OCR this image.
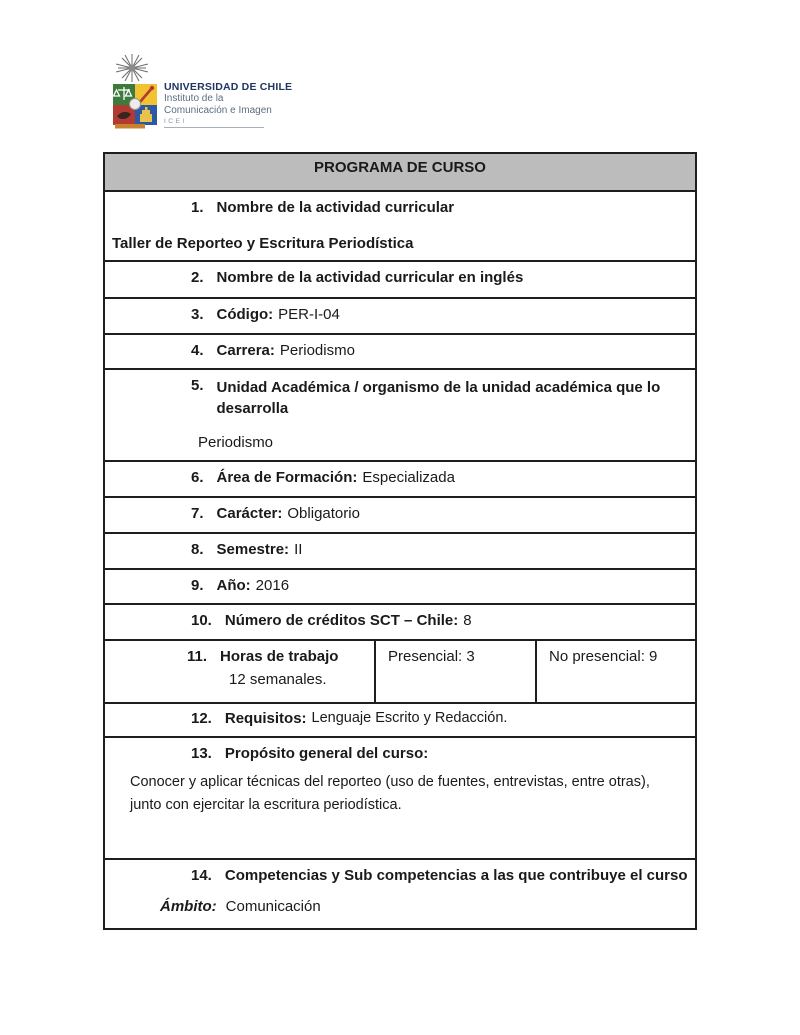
UNIVERSIDAD DE CHILE
Instituto de la
Comunicación e Imagen
ICEI
PROGRAMA DE CURSO
1. Nombre de la actividad curricular
Taller de Reporteo y Escritura Periodística
2. Nombre de la actividad curricular en inglés
3. Código: PER-I-04
4. Carrera: Periodismo
5. Unidad Académica / organismo de la unidad académica que lo desarrolla
Periodismo
6. Área de Formación: Especializada
7. Carácter: Obligatorio
8. Semestre: II
9. Año: 2016
10. Número de créditos SCT – Chile: 8
11. Horas de trabajo
12 semanales.
Presencial: 3	No presencial: 9
12. Requisitos: Lenguaje Escrito y Redacción.
13. Propósito general del curso:
Conocer y aplicar técnicas del reporteo (uso de fuentes, entrevistas, entre otras), junto con ejercitar la escritura periodística.
14. Competencias y Sub competencias a las que contribuye el curso
Ámbito: Comunicación
